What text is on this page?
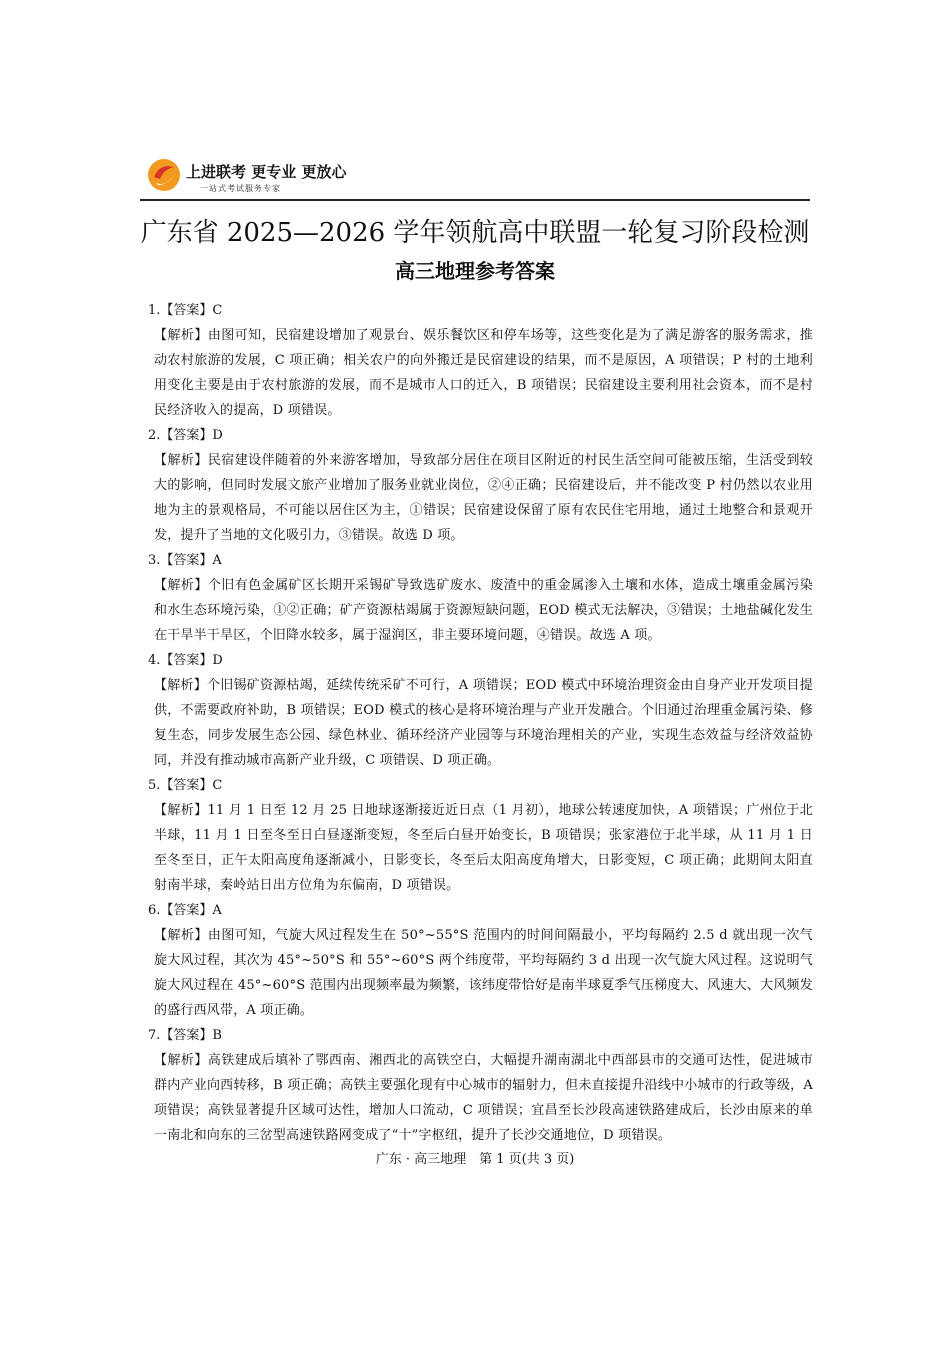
上进联考 更专业 更放心
一站式考试服务专家
广东省 2025—2026 学年领航高中联盟一轮复习阶段检测
高三地理参考答案

1.【答案】C

【解析】由图可知，民宿建设增加了观景台、娱乐餐饮区和停车场等，这些变化是为了满足游客的服务需求，推动农村旅游的发展，C 项正确；相关农户的向外搬迁是民宿建设的结果，而不是原因，A 项错误；P 村的土地利用变化主要是由于农村旅游的发展，而不是城市人口的迁入，B 项错误；民宿建设主要利用社会资本，而不是村民经济收入的提高，D 项错误。

2.【答案】D

【解析】民宿建设伴随着的外来游客增加，导致部分居住在项目区附近的村民生活空间可能被压缩，生活受到较大的影响，但同时发展文旅产业增加了服务业就业岗位，②④正确；民宿建设后，并不能改变 P 村仍然以农业用地为主的景观格局，不可能以居住区为主，①错误；民宿建设保留了原有农民住宅用地，通过土地整合和景观开发，提升了当地的文化吸引力，③错误。故选 D 项。

3.【答案】A

【解析】个旧有色金属矿区长期开采锡矿导致选矿废水、废渣中的重金属渗入土壤和水体，造成土壤重金属污染和水生态环境污染，①②正确；矿产资源枯竭属于资源短缺问题，EOD 模式无法解决，③错误；土地盐碱化发生在干旱半干旱区，个旧降水较多，属于湿润区，非主要环境问题，④错误。故选 A 项。

4.【答案】D

【解析】个旧锡矿资源枯竭，延续传统采矿不可行，A 项错误；EOD 模式中环境治理资金由自身产业开发项目提供，不需要政府补助，B 项错误；EOD 模式的核心是将环境治理与产业开发融合。个旧通过治理重金属污染、修复生态，同步发展生态公园、绿色林业、循环经济产业园等与环境治理相关的产业，实现生态效益与经济效益协同，并没有推动城市高新产业升级，C 项错误、D 项正确。

5.【答案】C

【解析】11 月 1 日至 12 月 25 日地球逐渐接近近日点（1 月初），地球公转速度加快，A 项错误；广州位于北半球，11 月 1 日至冬至日白昼逐渐变短，冬至后白昼开始变长，B 项错误；张家港位于北半球，从 11 月 1 日至冬至日，正午太阳高度角逐渐减小，日影变长，冬至后太阳高度角增大，日影变短，C 项正确；此期间太阳直射南半球，秦岭站日出方位角为东偏南，D 项错误。

6.【答案】A

【解析】由图可知，气旋大风过程发生在 50°~55°S 范围内的时间间隔最小，平均每隔约 2.5 d 就出现一次气旋大风过程，其次为 45°~50°S 和 55°~60°S 两个纬度带，平均每隔约 3 d 出现一次气旋大风过程。这说明气旋大风过程在 45°~60°S 范围内出现频率最为频繁，该纬度带恰好是南半球夏季气压梯度大、风速大、大风频发的盛行西风带，A 项正确。

7.【答案】B

【解析】高铁建成后填补了鄂西南、湘西北的高铁空白，大幅提升湖南湖北中西部县市的交通可达性，促进城市群内产业向西转移，B 项正确；高铁主要强化现有中心城市的辐射力，但未直接提升沿线中小城市的行政等级，A 项错误；高铁显著提升区域可达性，增加人口流动，C 项错误；宜昌至长沙段高速铁路建成后，长沙由原来的单一南北和向东的三岔型高速铁路网变成了“十”字枢纽，提升了长沙交通地位，D 项错误。

广东 · 高三地理　第 1 页(共 3 页)
